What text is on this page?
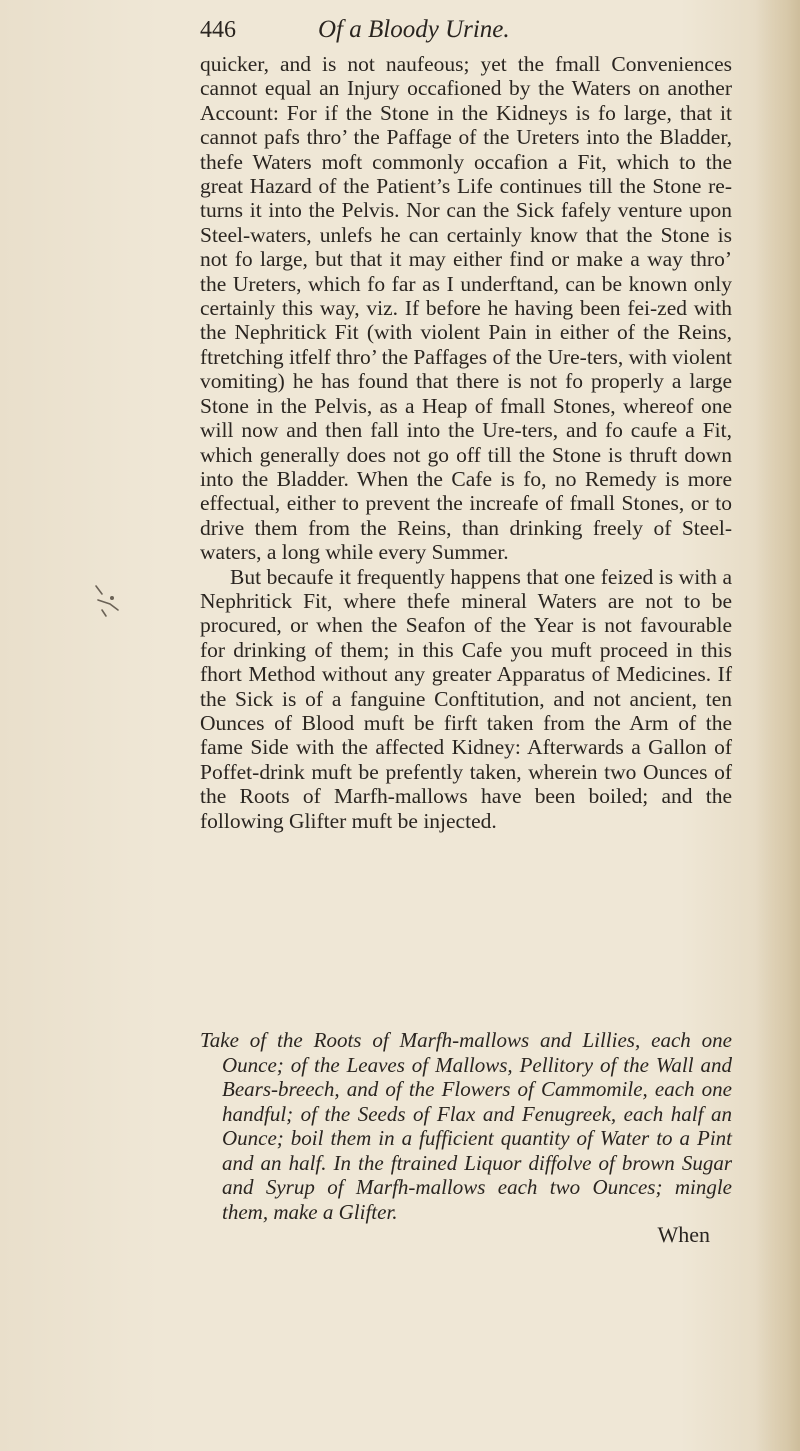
446	Of a Bloody Urine.

quicker, and is not naufeous; yet the fmall Conveniences cannot equal an Injury occafioned by the Waters on another Account: For if the Stone in the Kidneys is fo large, that it cannot pafs thro’ the Paffage of the Ureters into the Bladder, thefe Waters moft commonly occafion a Fit, which to the great Hazard of the Patient’s Life continues till the Stone re-turns it into the Pelvis. Nor can the Sick fafely venture upon Steel-waters, unlefs he can certainly know that the Stone is not fo large, but that it may either find or make a way thro’ the Ureters, which fo far as I underftand, can be known only certainly this way, viz. If before he having been fei-zed with the Nephritick Fit (with violent Pain in either of the Reins, ftretching itfelf thro’ the Paffages of the Ure-ters, with violent vomiting) he has found that there is not fo properly a large Stone in the Pelvis, as a Heap of fmall Stones, whereof one will now and then fall into the Ure-ters, and fo caufe a Fit, which generally does not go off till the Stone is thruft down into the Bladder. When the Cafe is fo, no Remedy is more effectual, either to prevent the increafe of fmall Stones, or to drive them from the Reins, than drinking freely of Steel-waters, a long while every Summer.

But becaufe it frequently happens that one feized is with a Nephritick Fit, where thefe mineral Waters are not to be procured, or when the Seafon of the Year is not favourable for drinking of them; in this Cafe you muft proceed in this fhort Method without any greater Apparatus of Medicines. If the Sick is of a fanguine Conftitution, and not ancient, ten Ounces of Blood muft be firft taken from the Arm of the fame Side with the affected Kidney: Afterwards a Gallon of Poffet-drink muft be prefently taken, wherein two Ounces of the Roots of Marfh-mallows have been boiled; and the following Glifter muft be injected.

Take of the Roots of Marfh-mallows and Lillies, each one Ounce; of the Leaves of Mallows, Pellitory of the Wall and Bears-breech, and of the Flowers of Cammomile, each one handful; of the Seeds of Flax and Fenugreek, each half an Ounce; boil them in a fufficient quantity of Water to a Pint and an half. In the ftrained Liquor diffolve of brown Sugar and Syrup of Marfh-mallows each two Ounces; mingle them, make a Glifter.
When
